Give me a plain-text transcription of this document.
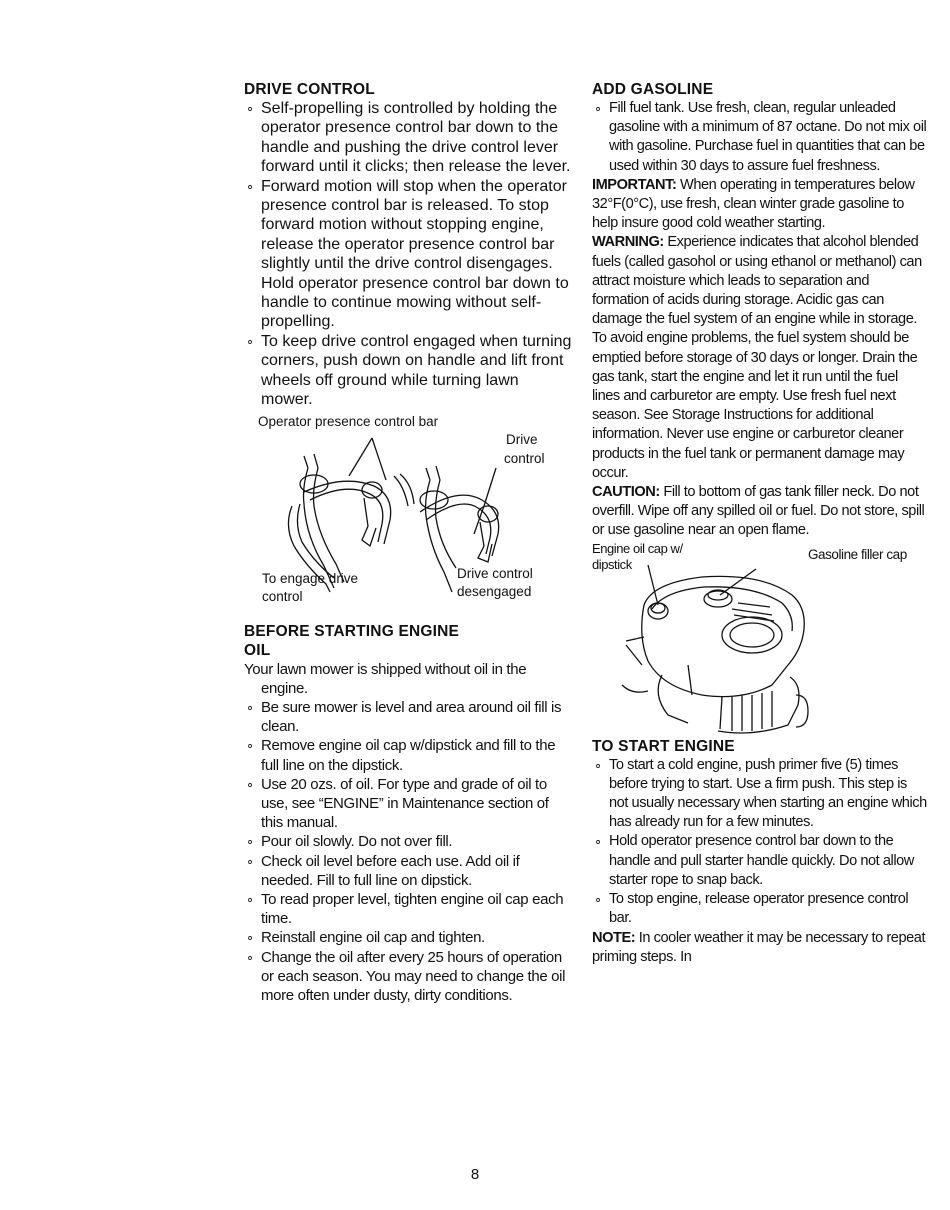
DRIVE CONTROL
∘ Self-propelling is controlled by holding the operator presence control bar down to the handle and pushing the drive control lever forward until it clicks; then release the lever.
∘ Forward motion will stop when the operator presence control bar is released. To stop forward motion without stopping engine, release the operator presence control bar slightly until the drive control disengages. Hold operator presence control bar down to handle to continue mowing without self-propelling.
∘ To keep drive control engaged when turning corners, push down on handle and lift front wheels off ground while turning lawn mower.
Operator presence control bar
Drive
control
To engage drive
control
Drive control
desengaged
BEFORE STARTING ENGINE
OIL

Your lawn mower is shipped without oil in the engine.

∘ Be sure mower is level and area around oil fill is clean.
∘ Remove engine oil cap w/dipstick and fill to the full line on the dipstick.
∘ Use 20 ozs. of oil. For type and grade of oil to use, see “ENGINE” in Maintenance section of this manual.
∘ Pour oil slowly. Do not over fill.
∘ Check oil level before each use. Add oil if needed. Fill to full line on dipstick.
∘ To read proper level, tighten engine oil cap each time.
∘ Reinstall engine oil cap and tighten.
∘ Change the oil after every 25 hours of operation or each season. You may need to change the oil more often under dusty, dirty conditions.
ADD GASOLINE
∘ Fill fuel tank. Use fresh, clean, regular unleaded gasoline with a minimum of 87 octane. Do not mix oil with gasoline. Purchase fuel in quantities that can be used within 30 days to assure fuel freshness.

IMPORTANT: When operating in temperatures below 32°F(0°C), use fresh, clean winter grade gasoline to help insure good cold weather starting.

WARNING: Experience indicates that alcohol blended fuels (called gasohol or using ethanol or methanol) can attract moisture which leads to separation and formation of acids during storage. Acidic gas can damage the fuel system of an engine while in storage. To avoid engine problems, the fuel system should be emptied before storage of 30 days or longer. Drain the gas tank, start the engine and let it run until the fuel lines and carburetor are empty. Use fresh fuel next season. See Storage Instructions for additional information. Never use engine or carburetor cleaner products in the fuel tank or permanent damage may occur.

CAUTION: Fill to bottom of gas tank filler neck. Do not overfill. Wipe off any spilled oil or fuel. Do not store, spill or use gasoline near an open flame.

Engine oil cap w/
dipstick
Gasoline filler cap
TO START ENGINE
∘ To start a cold engine, push primer five (5) times before trying to start. Use a firm push. This step is not usually necessary when starting an engine which has already run for a few minutes.
∘ Hold operator presence control bar down to the handle and pull starter handle quickly. Do not allow starter rope to snap back.
∘ To stop engine, release operator presence control bar.

NOTE: In cooler weather it may be necessary to repeat priming steps. In

8
